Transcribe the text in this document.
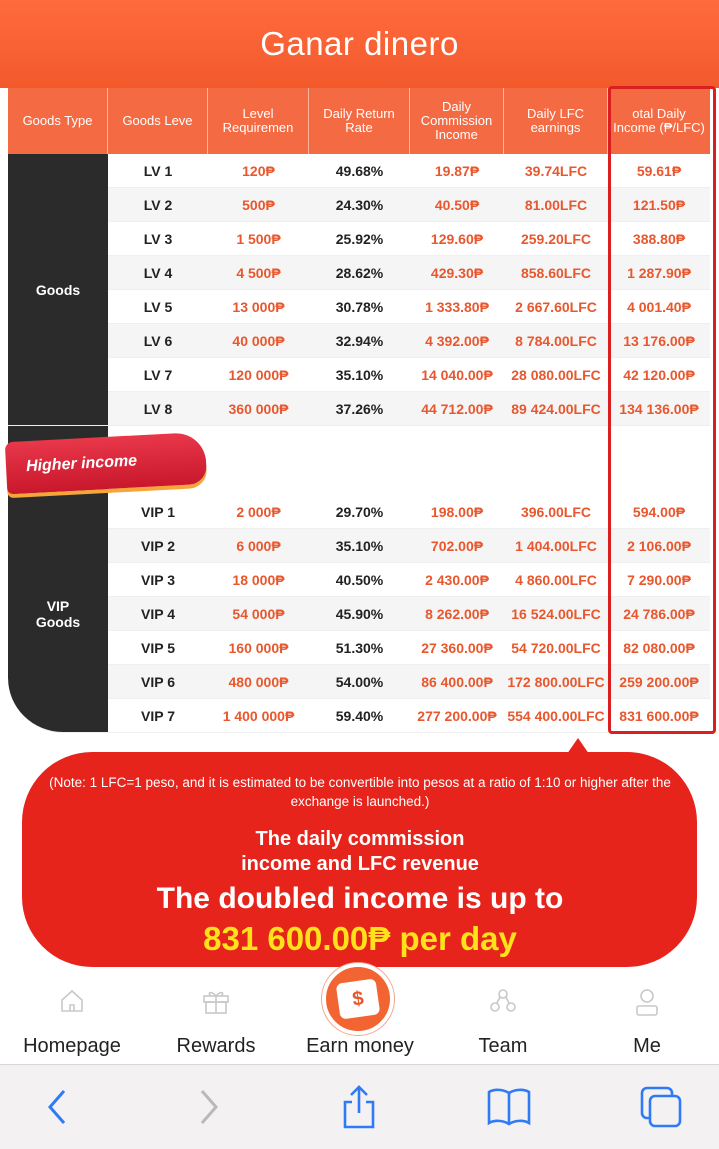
Ganar dinero
Goods Type	Goods Leve	Level Requiremen	Daily Return Rate	Daily Commission Income	Daily LFC earnings	otal Daily Income (₱/LFC)
Goods	LV 1	120₱	49.68%	19.87₱	39.74LFC	59.61₱
	LV 2	500₱	24.30%	40.50₱	81.00LFC	121.50₱
	LV 3	1 500₱	25.92%	129.60₱	259.20LFC	388.80₱
	LV 4	4 500₱	28.62%	429.30₱	858.60LFC	1 287.90₱
	LV 5	13 000₱	30.78%	1 333.80₱	2 667.60LFC	4 001.40₱
	LV 6	40 000₱	32.94%	4 392.00₱	8 784.00LFC	13 176.00₱
	LV 7	120 000₱	35.10%	14 040.00₱	28 080.00LFC	42 120.00₱
	LV 8	360 000₱	37.26%	44 712.00₱	89 424.00LFC	134 136.00₱

VIP
Goods	VIP 1	2 000₱	29.70%	198.00₱	396.00LFC	594.00₱
	VIP 2	6 000₱	35.10%	702.00₱	1 404.00LFC	2 106.00₱
	VIP 3	18 000₱	40.50%	2 430.00₱	4 860.00LFC	7 290.00₱
	VIP 4	54 000₱	45.90%	8 262.00₱	16 524.00LFC	24 786.00₱
	VIP 5	160 000₱	51.30%	27 360.00₱	54 720.00LFC	82 080.00₱
	VIP 6	480 000₱	54.00%	86 400.00₱	172 800.00LFC	259 200.00₱
	VIP 7	1 400 000₱	59.40%	277 200.00₱	554 400.00LFC	831 600.00₱
Higher income
(Note: 1 LFC=1 peso, and it is estimated to be convertible into pesos at a ratio of 1:10 or higher after the exchange is launched.)
The daily commission
income and LFC revenue
The doubled income is up to
831 600.00₱ per day
Homepage	Rewards	Earn money	Team	Me
$
